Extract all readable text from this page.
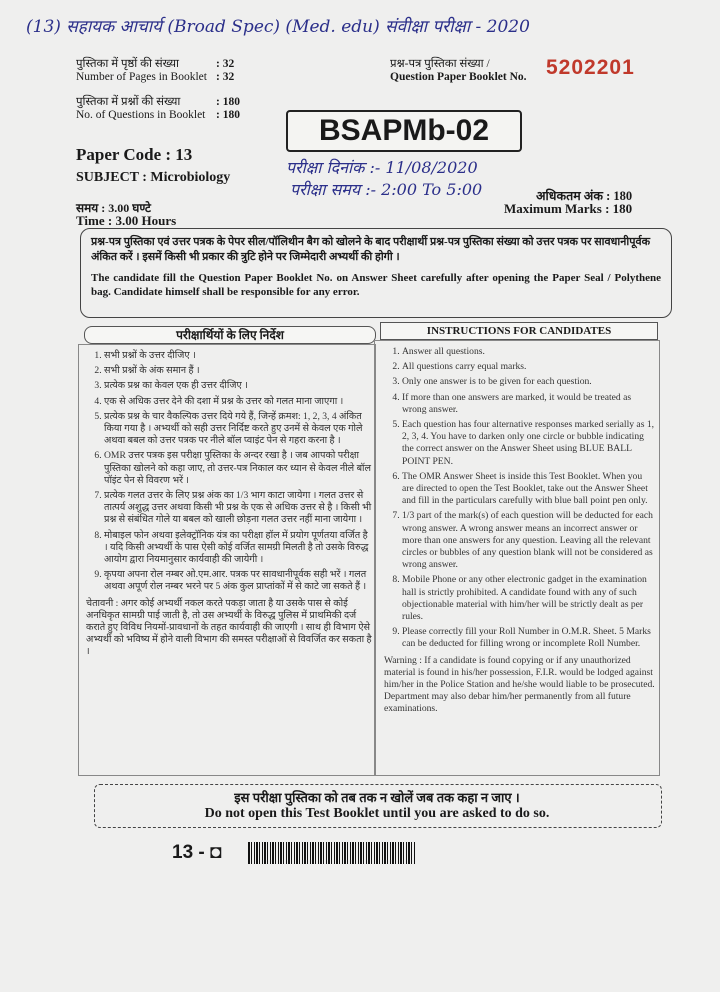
(13) सहायक आचार्य (Broad Spec) (Med. edu) संवीक्षा परीक्षा - 2020
पुस्तिका में पृष्ठों की संख्या
Number of Pages in Booklet
: 32
: 32
पुस्तिका में प्रश्नों की संख्या
No. of Questions in Booklet
: 180
: 180
प्रश्न-पत्र पुस्तिका संख्या /
Question Paper Booklet No. 5202201
BSAPMb-02
Paper Code : 13
SUBJECT : Microbiology
समय : 3.00 घण्टे
Time : 3.00 Hours
परीक्षा दिनांक :- 11/08/2020
परीक्षा समय :- 2:00 To 5:00	अधिकतम अंक : 180
Maximum Marks : 180
प्रश्न-पत्र पुस्तिका एवं उत्तर पत्रक के पेपर सील/पॉलिथीन बैग को खोलने के बाद परीक्षार्थी प्रश्न-पत्र पुस्तिका संख्या को उत्तर पत्रक पर सावधानीपूर्वक अंकित करें । इसमें किसी भी प्रकार की त्रुटि होने पर जिम्मेदारी अभ्यर्थी की होगी ।
The candidate fill the Question Paper Booklet No. on Answer Sheet carefully after opening the Paper Seal / Polythene bag. Candidate himself shall be responsible for any error.
परीक्षार्थियों के लिए निर्देश	INSTRUCTIONS FOR CANDIDATES
1. सभी प्रश्नों के उत्तर दीजिए ।
2. सभी प्रश्नों के अंक समान हैं ।
3. प्रत्येक प्रश्न का केवल एक ही उत्तर दीजिए ।
4. एक से अधिक उत्तर देने की दशा में प्रश्न के उत्तर को गलत माना जाएगा ।
5. प्रत्येक प्रश्न के चार वैकल्पिक उत्तर दिये गये हैं, जिन्हें क्रमश: 1, 2, 3, 4 अंकित किया गया है । अभ्यर्थी को सही उत्तर निर्दिष्ट करते हुए उनमें से केवल एक गोले अथवा बबल को उत्तर पत्रक पर नीले बॉल प्वाइंट पेन से गहरा करना है ।
6. OMR उत्तर पत्रक इस परीक्षा पुस्तिका के अन्दर रखा है । जब आपको परीक्षा पुस्तिका खोलने को कहा जाए, तो उत्तर-पत्र निकाल कर ध्यान से केवल नीले बॉल पॉइंट पेन से विवरण भरें ।
7. प्रत्येक गलत उत्तर के लिए प्रश्न अंक का 1/3 भाग काटा जायेगा । गलत उत्तर से तात्पर्य अशुद्ध उत्तर अथवा किसी भी प्रश्न के एक से अधिक उत्तर से है । किसी भी प्रश्न से संबंधित गोले या बबल को खाली छोड़ना गलत उत्तर नहीं माना जायेगा ।
8. मोबाइल फोन अथवा इलेक्ट्रॉनिक यंत्र का परीक्षा हॉल में प्रयोग पूर्णतया वर्जित है । यदि किसी अभ्यर्थी के पास ऐसी कोई वर्जित सामग्री मिलती है तो उसके विरुद्ध आयोग द्वारा नियमानुसार कार्यवाही की जायेगी ।
9. कृपया अपना रोल नम्बर ओ.एम.आर. पत्रक पर सावधानीपूर्वक सही भरें । गलत अथवा अपूर्ण रोल नम्बर भरने पर 5 अंक कुल प्राप्तांकों में से काटे जा सकते हैं ।
चेतावनी : अगर कोई अभ्यर्थी नकल करते पकड़ा जाता है या उसके पास से कोई अनधिकृत सामग्री पाई जाती है, तो उस अभ्यर्थी के विरुद्ध पुलिस में प्राथमिकी दर्ज कराते हुए विविध नियमों-प्रावधानों के तहत कार्यवाही की जाएगी । साथ ही विभाग ऐसे अभ्यर्थी को भविष्य में होने वाली विभाग की समस्त परीक्षाओं से विवर्जित कर सकता है ।
1. Answer all questions.
2. All questions carry equal marks.
3. Only one answer is to be given for each question.
4. If more than one answers are marked, it would be treated as wrong answer.
5. Each question has four alternative responses marked serially as 1, 2, 3, 4. You have to darken only one circle or bubble indicating the correct answer on the Answer Sheet using BLUE BALL POINT PEN.
6. The OMR Answer Sheet is inside this Test Booklet. When you are directed to open the Test Booklet, take out the Answer Sheet and fill in the particulars carefully with blue ball point pen only.
7. 1/3 part of the mark(s) of each question will be deducted for each wrong answer. A wrong answer means an incorrect answer or more than one answers for any question. Leaving all the relevant circles or bubbles of any question blank will not be considered as wrong answer.
8. Mobile Phone or any other electronic gadget in the examination hall is strictly prohibited. A candidate found with any of such objectionable material with him/her will be strictly dealt as per rules.
9. Please correctly fill your Roll Number in O.M.R. Sheet. 5 Marks can be deducted for filling wrong or incomplete Roll Number.
Warning : If a candidate is found copying or if any unauthorized material is found in his/her possession, F.I.R. would be lodged against him/her in the Police Station and he/she would liable to be prosecuted. Department may also debar him/her permanently from all future examinations.
इस परीक्षा पुस्तिका को तब तक न खोलें जब तक कहा न जाए ।
Do not open this Test Booklet until you are asked to do so.
13 - ◘
